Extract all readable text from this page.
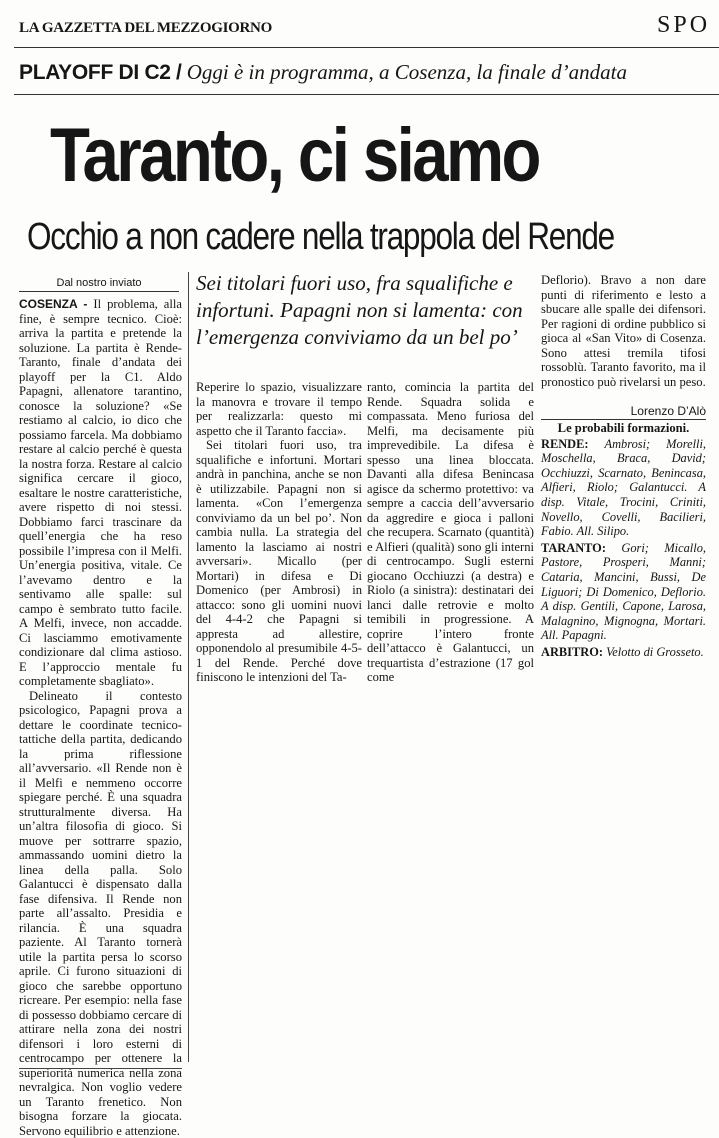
LA GAZZETTA DEL MEZZOGIORNO	SPO
PLAYOFF DI C2 / Oggi è in programma, a Cosenza, la finale d’andata
Taranto, ci siamo
Occhio a non cadere nella trappola del Rende
Dal nostro inviato	Sei titolari fuori uso, fra squalifiche e infortuni. Papagni non si lamenta: con l’emergenza conviviamo da un bel po’

COSENZA - Il problema, alla fine, è sempre tecnico. Cioè: arriva la partita e pretende la soluzione. La partita è Rende-Taranto, finale d’andata dei playoff per la C1. Aldo Papagni, allenatore tarantino, conosce la soluzione? «Se restiamo al calcio, io dico che possiamo farcela. Ma dobbiamo restare al calcio perché è questa la nostra forza. Restare al calcio significa cercare il gioco, esaltare le nostre caratteristiche, avere rispetto di noi stessi. Dobbiamo farci trascinare da quell’energia che ha reso possibile l’impresa con il Melfi. Un’energia positiva, vitale. Ce l’avevamo dentro e la sentivamo alle spalle: sul campo è sembrato tutto facile. A Melfi, invece, non accadde. Ci lasciammo emotivamente condizionare dal clima astioso. E l’approccio mentale fu completamente sbagliato».

Delineato il contesto psicologico, Papagni prova a dettare le coordinate tecnico-tattiche della partita, dedicando la prima riflessione all’avversario. «Il Rende non è il Melfi e nemmeno occorre spiegare perché. È una squadra strutturalmente diversa. Ha un’altra filosofia di gioco. Si muove per sottrarre spazio, ammassando uomini dietro la linea della palla. Solo Galantucci è dispensato dalla fase difensiva. Il Rende non parte all’assalto. Presidia e rilancia. È una squadra paziente. Al Taranto tornerà utile la partita persa lo scorso aprile. Ci furono situazioni di gioco che sarebbe opportuno ricreare. Per esempio: nella fase di possesso dobbiamo cercare di attirare nella zona dei nostri difensori i loro esterni di centrocampo per ottenere la superiorità numerica nella zona nevralgica. Non voglio vedere un Taranto frenetico. Non bisogna forzare la giocata. Servono equilibrio e attenzione.

Reperire lo spazio, visualizzare la manovra e trovare il tempo per realizzarla: questo mi aspetto che il Taranto faccia».

Sei titolari fuori uso, tra squalifiche e infortuni. Mortari andrà in panchina, anche se non è utilizzabile. Papagni non si lamenta. «Con l’emergenza conviviamo da un bel po’. Non cambia nulla. La strategia del lamento la lasciamo ai nostri avversari». Micallo (per Mortari) in difesa e Di Domenico (per Ambrosi) in attacco: sono gli uomini nuovi del 4-4-2 che Papagni si appresta ad allestire, opponendolo al presumibile 4-5-1 del Rende. Perché dove finiscono le intenzioni del Ta-

ranto, comincia la partita del Rende. Squadra solida e compassata. Meno furiosa del Melfi, ma decisamente più imprevedibile. La difesa è spesso una linea bloccata. Davanti alla difesa Benincasa agisce da schermo protettivo: va sempre a caccia dell’avversario da aggredire e gioca i palloni che recupera. Scarnato (quantità) e Alfieri (qualità) sono gli interni di centrocampo. Sugli esterni giocano Occhiuzzi (a destra) e Riolo (a sinistra): destinatari dei lanci dalle retrovie e molto temibili in progressione. A coprire l’intero fronte dell’attacco è Galantucci, un trequartista d’estrazione (17 gol come

Deflorio). Bravo a non dare punti di riferimento e lesto a sbucare alle spalle dei difensori. Per ragioni di ordine pubblico si gioca al «San Vito» di Cosenza. Sono attesi tremila tifosi rossoblù. Taranto favorito, ma il pronostico può rivelarsi un peso.

Lorenzo D’Alò
Le probabili formazioni.

RENDE: Ambrosi; Morelli, Moschella, Braca, David; Occhiuzzi, Scarnato, Benincasa, Alfieri, Riolo; Galantucci. A disp. Vitale, Trocini, Criniti, Novello, Covelli, Bacilieri, Fabio. All. Silipo.

TARANTO: Gori; Micallo, Pastore, Prosperi, Manni; Cataria, Mancini, Bussi, De Liguori; Di Domenico, Deflorio. A disp. Gentili, Capone, Larosa, Malagnino, Mignogna, Mortari. All. Papagni.

ARBITRO: Velotto di Grosseto.
